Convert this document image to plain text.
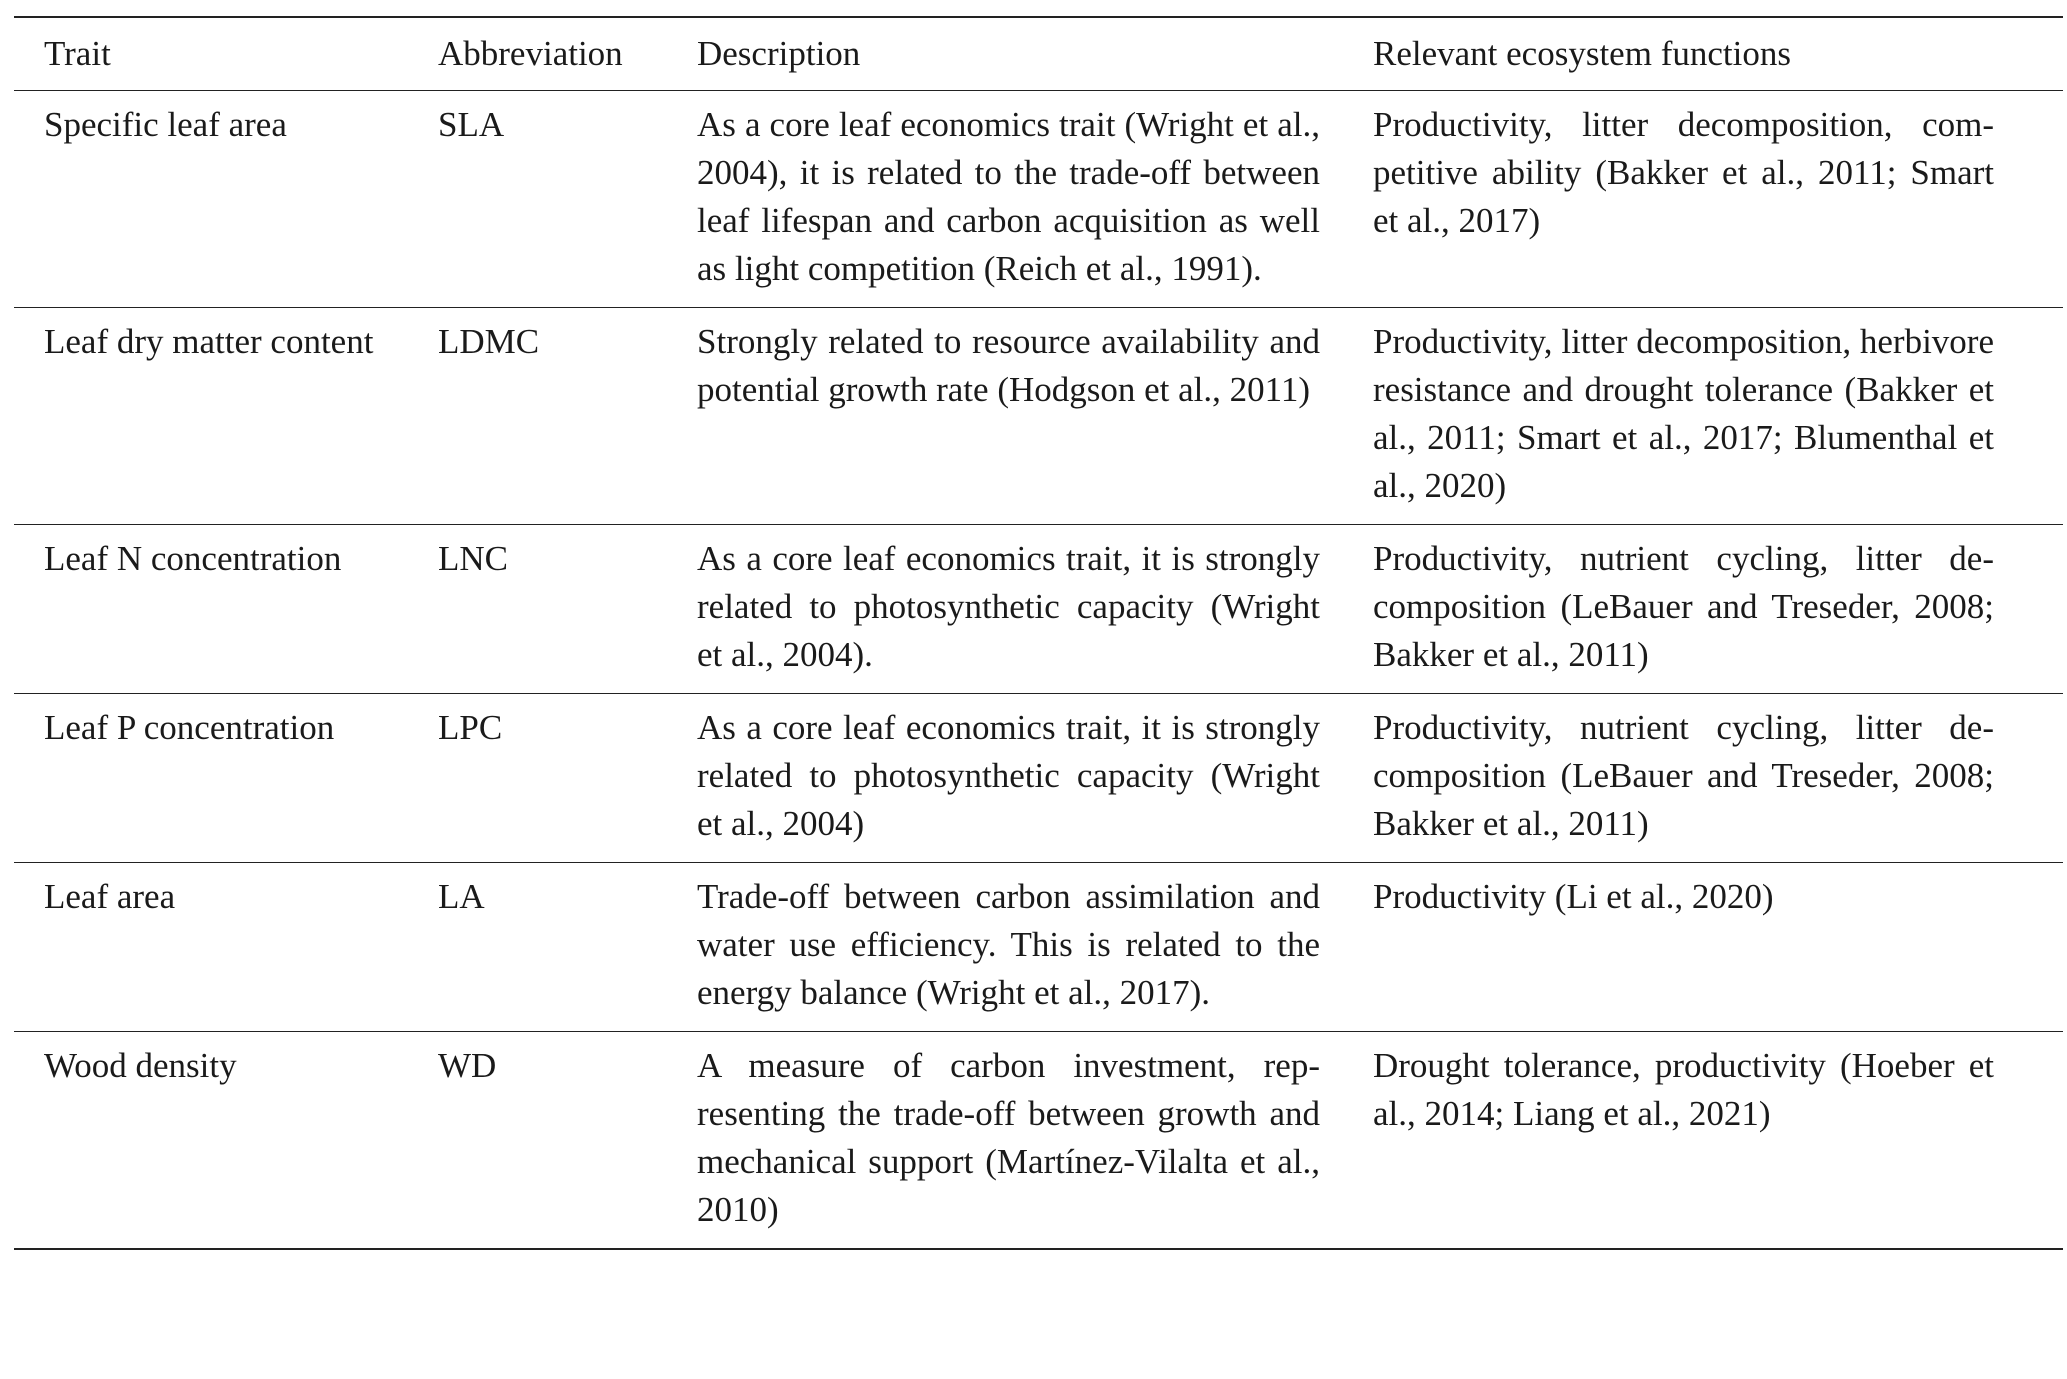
Trait	Abbreviation	Description	Relevant ecosystem functions
Specific leaf area	SLA	As a core leaf economics trait (Wright et al., 2004), it is related to the trade-off between leaf lifespan and carbon acquisition as well as light competition (Reich et al., 1991).	Productivity, litter decomposition, competitive ability (Bakker et al., 2011; Smart et al., 2017)

Leaf dry matter content	LDMC	Strongly related to resource availability and potential growth rate (Hodgson et al., 2011)	Productivity, litter decomposition, herbivore resistance and drought tolerance (Bakker et al., 2011; Smart et al., 2017; Blumenthal et al., 2020)

Leaf N concentration	LNC	As a core leaf economics trait, it is strongly related to photosynthetic capacity (Wright et al., 2004).	Productivity, nutrient cycling, litter decomposition (LeBauer and Treseder, 2008; Bakker et al., 2011)

Leaf P concentration	LPC	As a core leaf economics trait, it is strongly related to photosynthetic capacity (Wright et al., 2004)	Productivity, nutrient cycling, litter decomposition (LeBauer and Treseder, 2008; Bakker et al., 2011)

Leaf area	LA	Trade-off between carbon assimilation and water use efficiency. This is related to the energy balance (Wright et al., 2017).	Productivity (Li et al., 2020)

Wood density	WD	A measure of carbon investment, representing the trade-off between growth and mechanical support (Martínez-Vilalta et al., 2010)	Drought tolerance, productivity (Hoeber et al., 2014; Liang et al., 2021)
